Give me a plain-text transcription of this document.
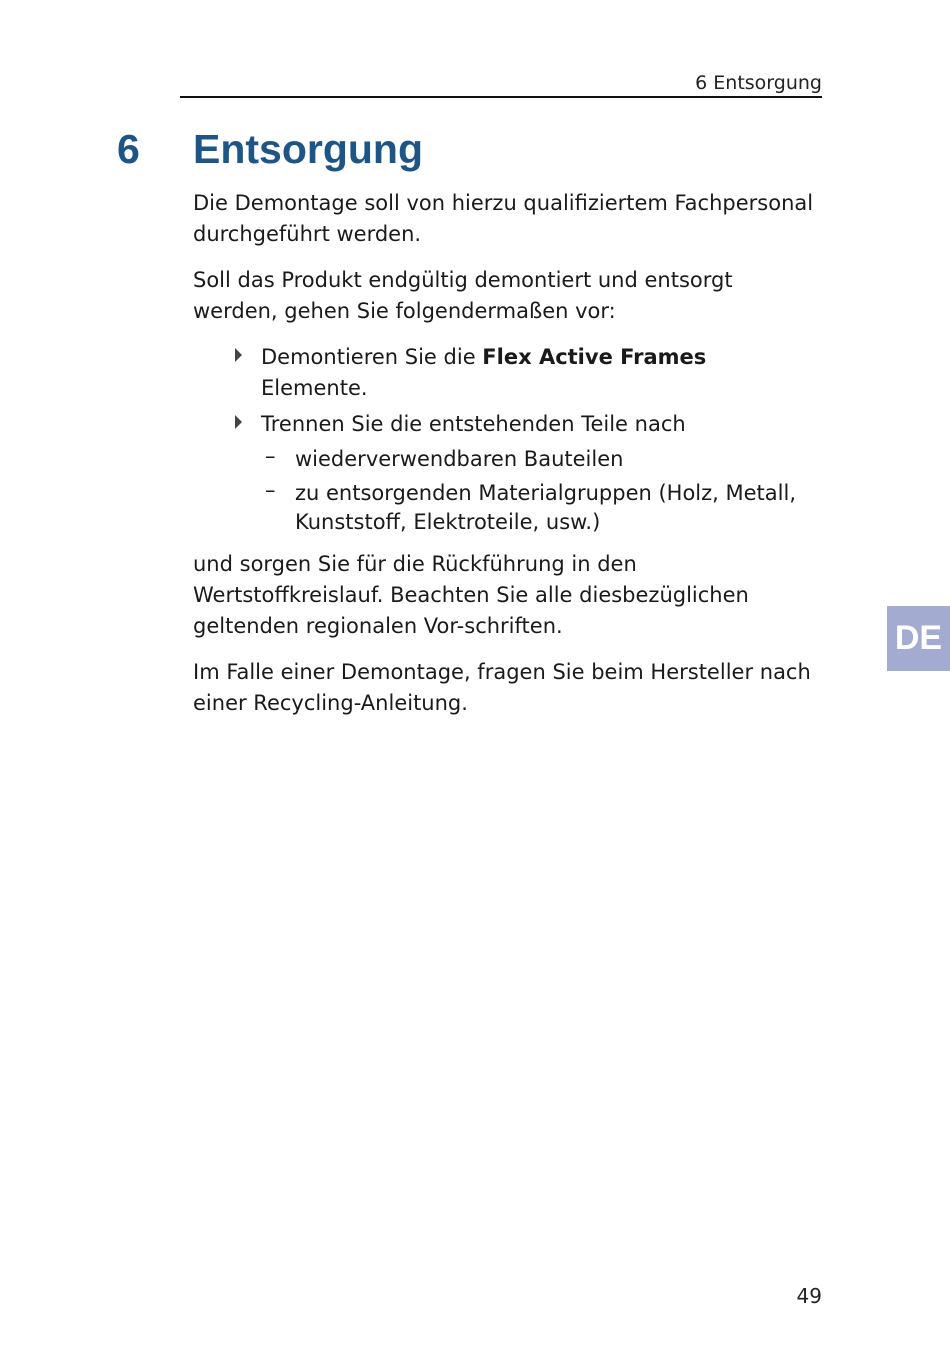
6 Entsorgung
6 Entsorgung

Die Demontage soll von hierzu qualifiziertem Fachpersonal durchgeführt werden.

Soll das Produkt endgültig demontiert und entsorgt werden, gehen Sie folgendermaßen vor:

Demontieren Sie die Flex Active Frames Elemente.
Trennen Sie die entstehenden Teile nach
– wiederverwendbaren Bauteilen
– zu entsorgenden Materialgruppen (Holz, Metall, Kunststoff, Elektroteile, usw.)

und sorgen Sie für die Rückführung in den Wertstoffkreislauf. Beachten Sie alle diesbezüglichen geltenden regionalen Vor-schriften.

Im Falle einer Demontage, fragen Sie beim Hersteller nach einer Recycling-Anleitung.

DE
49
